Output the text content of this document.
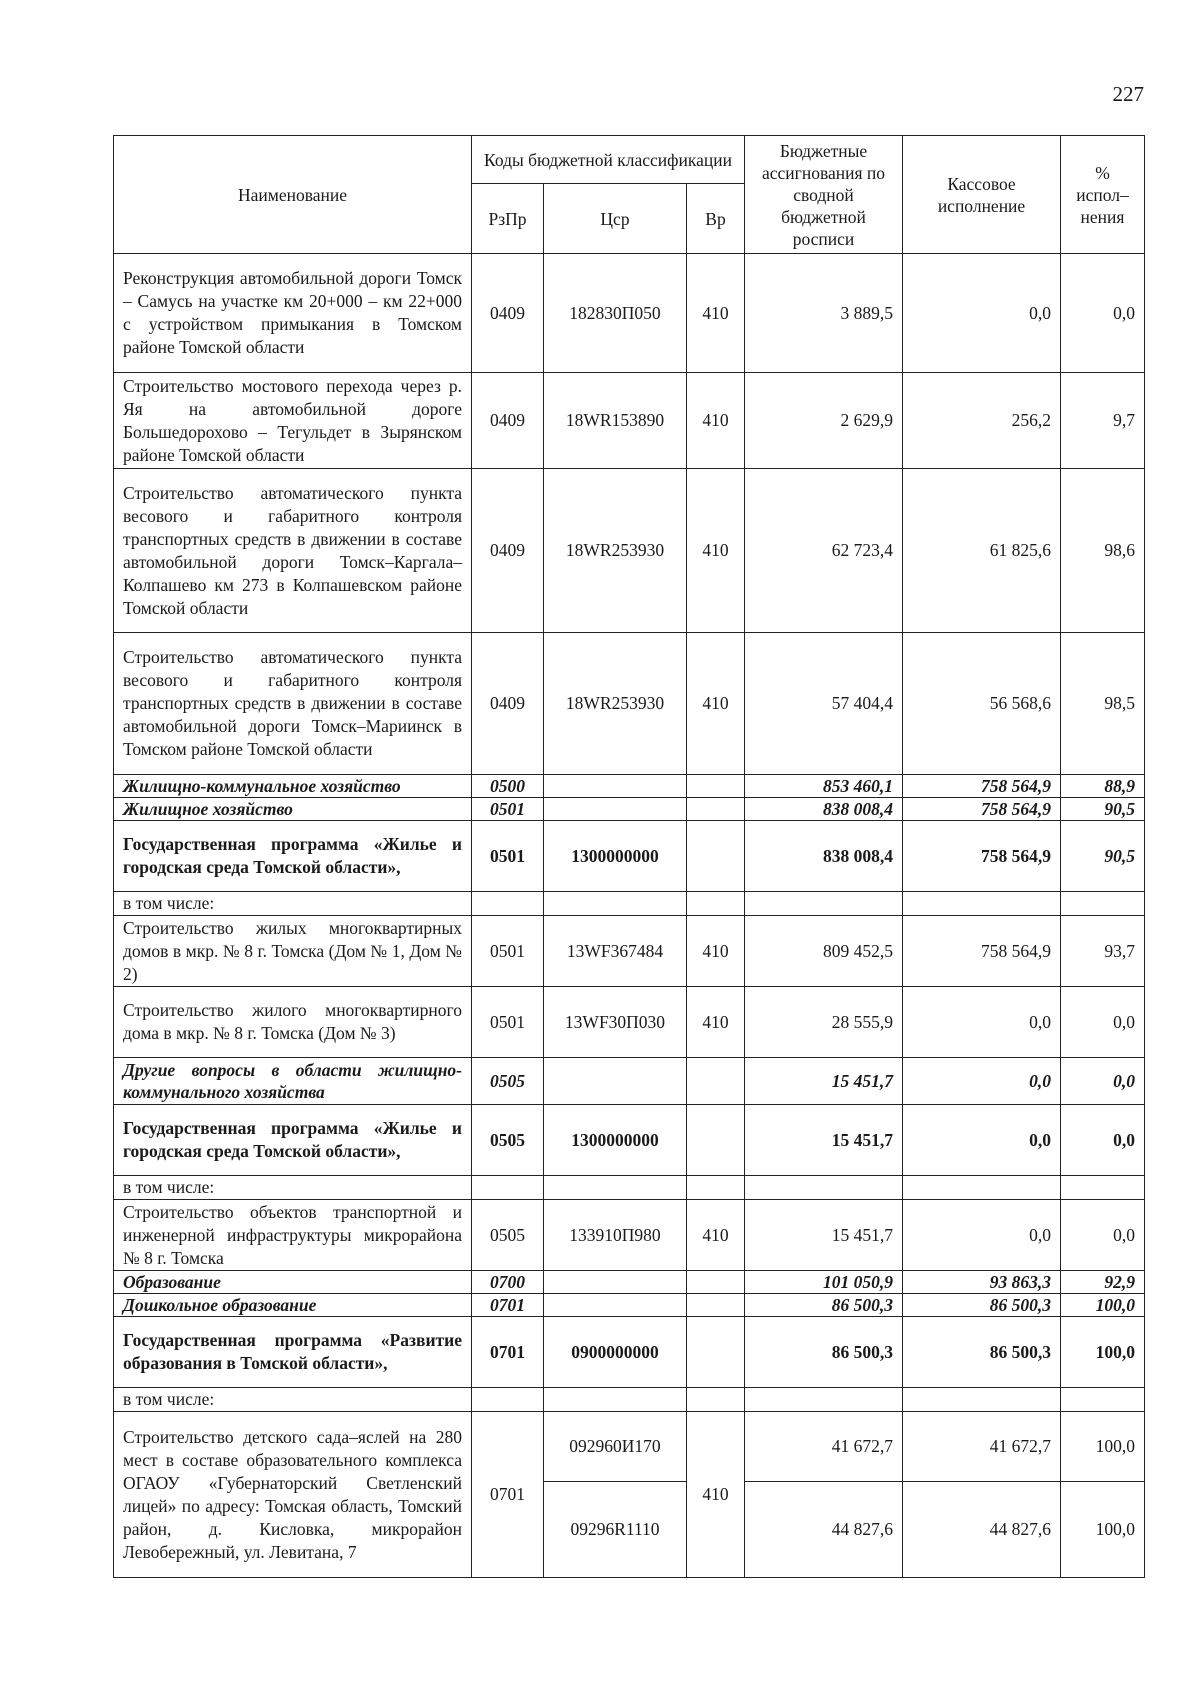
227
Наименование	Коды бюджетной классификации			Бюджетные ассигнования по сводной бюджетной росписи	Кассовое исполнение	% испол–нения
	РзПр	Цср	Вр			
Реконструкция автомобильной дороги Томск – Самусь на участке км 20+000 – км 22+000 с устройством примыкания в Томском районе Томской области	0409	182830П050	410	3 889,5	0,0	0,0
Строительство мостового перехода через р. Яя на автомобильной дороге Большедорохово – Тегульдет в Зырянском районе Томской области	0409	18WR153890	410	2 629,9	256,2	9,7
Строительство автоматического пункта весового и габаритного контроля транспортных средств в движении в составе автомобильной дороги Томск–Каргала–Колпашево км 273 в Колпашевском районе Томской области	0409	18WR253930	410	62 723,4	61 825,6	98,6
Строительство автоматического пункта весового и габаритного контроля транспортных средств в движении в составе автомобильной дороги Томск–Мариинск в Томском районе Томской области	0409	18WR253930	410	57 404,4	56 568,6	98,5
Жилищно-коммунальное хозяйство	0500			853 460,1	758 564,9	88,9
Жилищное хозяйство	0501			838 008,4	758 564,9	90,5
Государственная программа «Жилье и городская среда Томской области»,	0501	1300000000		838 008,4	758 564,9	90,5
в том числе:						
Строительство жилых многоквартирных домов в мкр. № 8 г. Томска (Дом № 1, Дом № 2)	0501	13WF367484	410	809 452,5	758 564,9	93,7
Строительство жилого многоквартирного дома в мкр. № 8 г. Томска (Дом № 3)	0501	13WF30П030	410	28 555,9	0,0	0,0
Другие вопросы в области жилищно-коммунального хозяйства	0505			15 451,7	0,0	0,0
Государственная программа «Жилье и городская среда Томской области»,	0505	1300000000		15 451,7	0,0	0,0
в том числе:						
Строительство объектов транспортной и инженерной инфраструктуры микрорайона № 8 г. Томска	0505	133910П980	410	15 451,7	0,0	0,0
Образование	0700			101 050,9	93 863,3	92,9
Дошкольное образование	0701			86 500,3	86 500,3	100,0
Государственная программа «Развитие образования в Томской области»,	0701	0900000000		86 500,3	86 500,3	100,0
в том числе:						
Строительство детского сада–яслей на 280 мест в составе образовательного комплекса ОГАОУ «Губернаторский Светленский лицей» по адресу: Томская область, Томский район, д. Кисловка, микрорайон Левобережный, ул. Левитана, 7	0701	092960И170	410	41 672,7	41 672,7	100,0
		09296R1110		44 827,6	44 827,6	100,0
